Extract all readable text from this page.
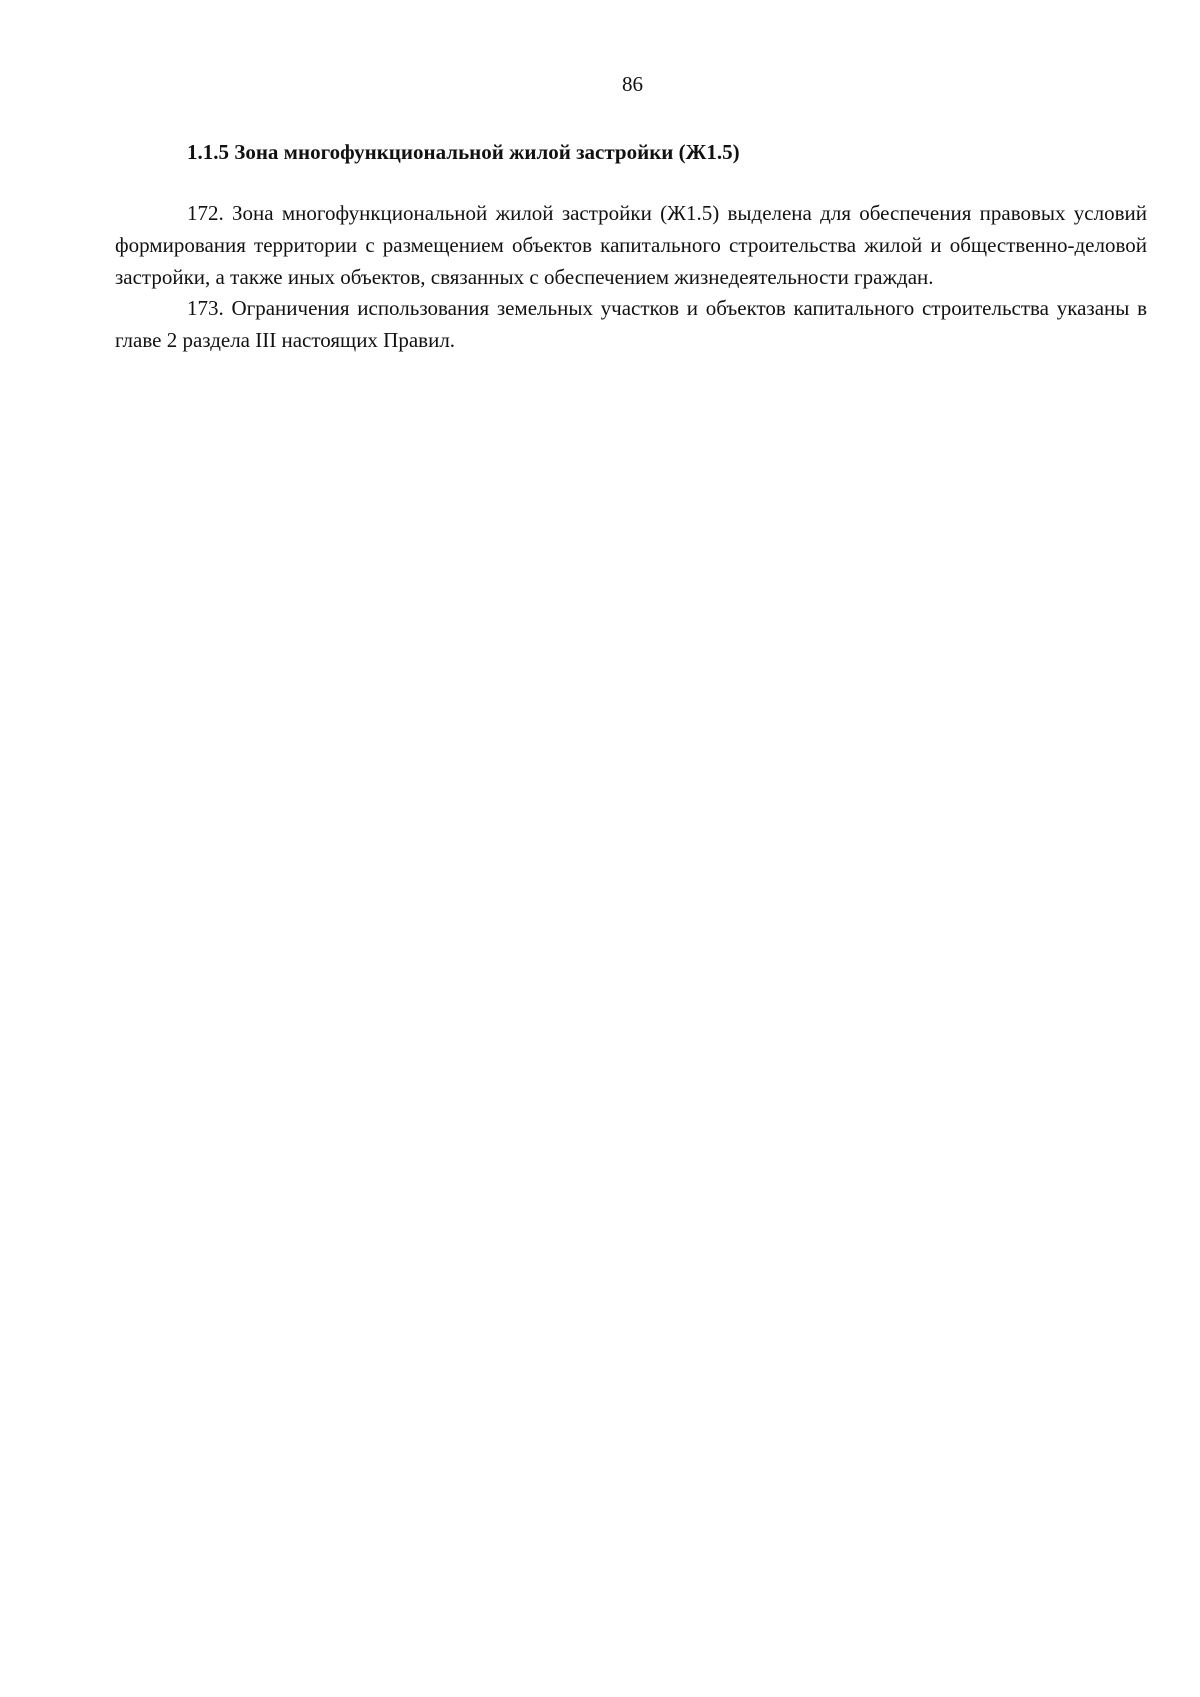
86
1.1.5 Зона многофункциональной жилой застройки (Ж1.5)

172. Зона многофункциональной жилой застройки (Ж1.5) выделена для обеспечения правовых условий формирования территории с размещением объектов капитального строительства жилой и общественно-деловой застройки, а также иных объектов, связанных с обеспечением жизнедеятельности граждан.

173. Ограничения использования земельных участков и объектов капитального строительства указаны в главе 2 раздела III настоящих Правил.
